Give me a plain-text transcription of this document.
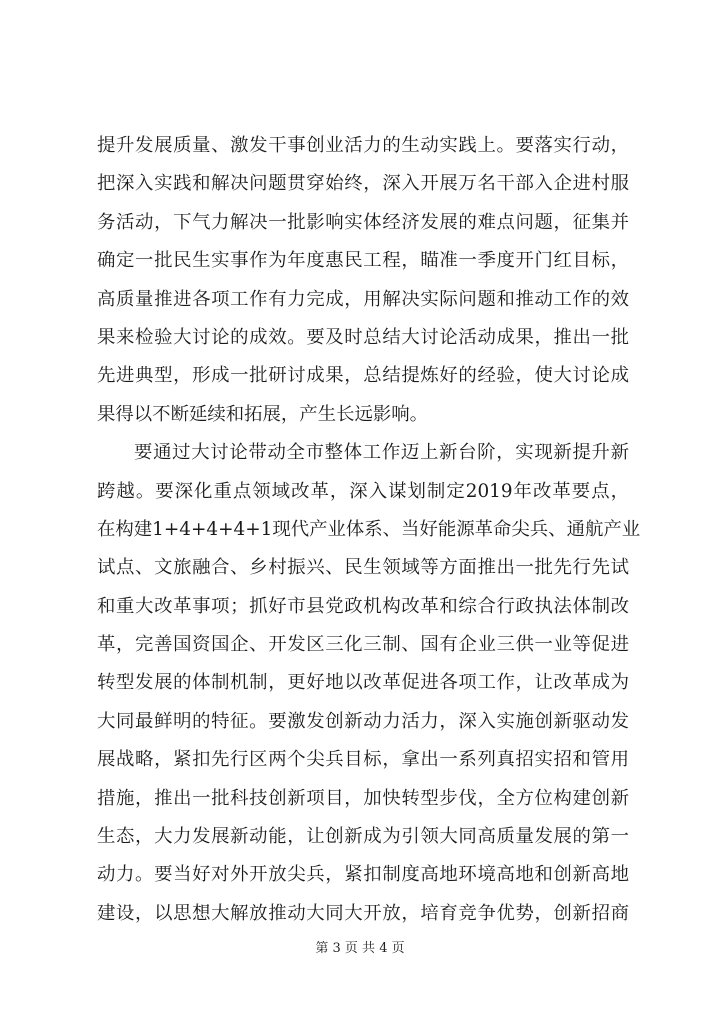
提升发展质量、激发干事创业活力的生动实践上。要落实行动，
把深入实践和解决问题贯穿始终，深入开展万名干部入企进村服
务活动，下气力解决一批影响实体经济发展的难点问题，征集并
确定一批民生实事作为年度惠民工程，瞄准一季度开门红目标，
高质量推进各项工作有力完成，用解决实际问题和推动工作的效
果来检验大讨论的成效。要及时总结大讨论活动成果，推出一批
先进典型，形成一批研讨成果，总结提炼好的经验，使大讨论成
果得以不断延续和拓展，产生长远影响。
要通过大讨论带动全市整体工作迈上新台阶，实现新提升新
跨越。要深化重点领域改革，深入谋划制定2019年改革要点，
在构建1+4+4+4+1现代产业体系、当好能源革命尖兵、通航产业
试点、文旅融合、乡村振兴、民生领域等方面推出一批先行先试
和重大改革事项；抓好市县党政机构改革和综合行政执法体制改
革，完善国资国企、开发区三化三制、国有企业三供一业等促进
转型发展的体制机制，更好地以改革促进各项工作，让改革成为
大同最鲜明的特征。要激发创新动力活力，深入实施创新驱动发
展战略，紧扣先行区两个尖兵目标，拿出一系列真招实招和管用
措施，推出一批科技创新项目，加快转型步伐，全方位构建创新
生态，大力发展新动能，让创新成为引领大同高质量发展的第一
动力。要当好对外开放尖兵，紧扣制度高地环境高地和创新高地
建设，以思想大解放推动大同大开放，培育竞争优势，创新招商
第 3 页 共 4 页
